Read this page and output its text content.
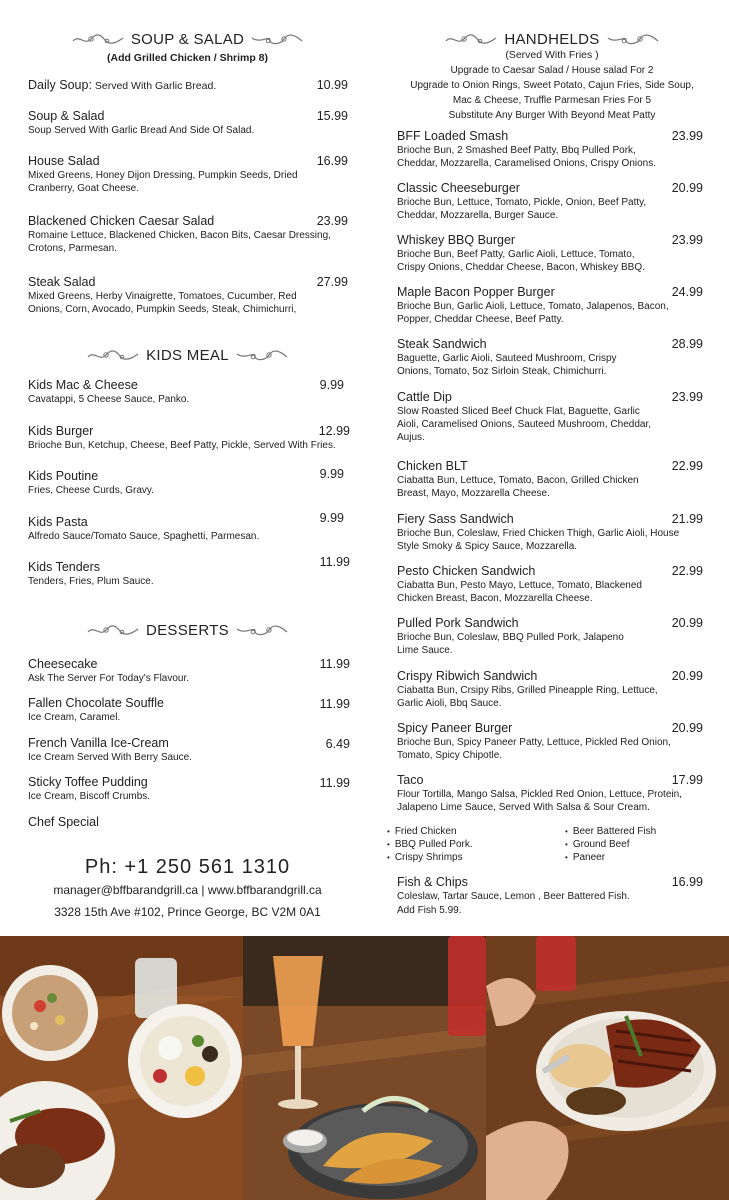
SOUP & SALAD
(Add Grilled Chicken / Shrimp 8)
Daily Soup: Served With Garlic Bread.	10.99
Soup & Salad
Soup Served With Garlic Bread And Side Of Salad.
15.99
House Salad
Mixed Greens, Honey Dijon Dressing, Pumpkin Seeds, Dried Cranberry, Goat Cheese.
16.99
Blackened Chicken Caesar Salad
Romaine Lettuce, Blackened Chicken, Bacon Bits, Caesar Dressing, Crotons, Parmesan.
23.99
Steak Salad
Mixed Greens, Herby Vinaigrette, Tomatoes, Cucumber, Red Onions, Corn, Avocado, Pumpkin Seeds, Steak, Chimichurri,
27.99
KIDS MEAL
Kids Mac & Cheese
Cavatappi, 5 Cheese Sauce, Panko.
9.99
Kids Burger
Brioche Bun, Ketchup, Cheese, Beef Patty, Pickle, Served With Fries.
12.99
Kids Poutine
Fries, Cheese Curds, Gravy.
9.99
Kids Pasta
Alfredo Sauce/Tomato Sauce, Spaghetti, Parmesan.
9.99
Kids Tenders
Tenders, Fries, Plum Sauce.
11.99
DESSERTS
Cheesecake
Ask The Server For Today's Flavour.
11.99
Fallen Chocolate Souffle
Ice Cream, Caramel.
11.99
French Vanilla Ice-Cream
Ice Cream Served With Berry Sauce.
6.49
Sticky Toffee Pudding
Ice Cream, Biscoff Crumbs.
11.99
Chef Special
Ph: +1 250 561 1310
manager@bffbarandgrill.ca | www.bffbarandgrill.ca
3328 15th Ave #102, Prince George, BC V2M 0A1
HANDHELDS
(Served With Fries )
Upgrade to Caesar Salad / House salad For 2
Upgrade to Onion Rings, Sweet Potato, Cajun Fries, Side Soup,
Mac & Cheese, Truffle Parmesan Fries For 5
Substitute Any Burger With Beyond Meat Patty
BFF Loaded Smash
Brioche Bun, 2 Smashed Beef Patty, Bbq Pulled Pork, Cheddar, Mozzarella, Caramelised Onions, Crispy Onions.
23.99
Classic Cheeseburger
Brioche Bun, Lettuce, Tomato, Pickle, Onion, Beef Patty, Cheddar, Mozzarella, Burger Sauce.
20.99
Whiskey BBQ Burger
Brioche Bun, Beef Patty, Garlic Aioli, Lettuce, Tomato, Crispy Onions, Cheddar Cheese, Bacon, Whiskey BBQ.
23.99
Maple Bacon Popper Burger
Brioche Bun, Garlic Aioli, Lettuce, Tomato, Jalapenos, Bacon, Popper, Cheddar Cheese, Beef Patty.
24.99
Steak Sandwich
Baguette, Garlic Aioli, Sauteed Mushroom, Crispy Onions, Tomato, 5oz Sirloin Steak, Chimichurri.
28.99
Cattle Dip
Slow Roasted Sliced Beef Chuck Flat, Baguette, Garlic Aioli, Caramelised Onions, Sauteed Mushroom, Cheddar, Aujus.
23.99
Chicken BLT
Ciabatta Bun, Lettuce, Tomato, Bacon, Grilled Chicken Breast, Mayo, Mozzarella Cheese.
22.99
Fiery Sass Sandwich
Brioche Bun, Coleslaw, Fried Chicken Thigh, Garlic Aioli, House Style Smoky & Spicy Sauce, Mozzarella.
21.99
Pesto Chicken Sandwich
Ciabatta Bun, Pesto Mayo, Lettuce, Tomato, Blackened Chicken Breast, Bacon, Mozzarella Cheese.
22.99
Pulled Pork Sandwich
Brioche Bun, Coleslaw, BBQ Pulled Pork, Jalapeno Lime Sauce.
20.99
Crispy Ribwich Sandwich
Ciabatta Bun, Crsipy Ribs, Grilled Pineapple Ring, Lettuce, Garlic Aioli, Bbq Sauce.
20.99
Spicy Paneer Burger
Brioche Bun, Spicy Paneer Patty, Lettuce, Pickled Red Onion, Tomato, Spicy Chipotle.
20.99
Taco
Flour Tortilla, Mango Salsa, Pickled Red Onion, Lettuce, Protein, Jalapeno Lime Sauce, Served With Salsa & Sour Cream.
17.99
• Fried Chicken
• BBQ Pulled Pork.
• Crispy Shrimps
• Beer Battered Fish
• Ground Beef
• Paneer
Fish & Chips
Coleslaw, Tartar Sauce, Lemon , Beer Battered Fish.
Add Fish 5.99.
16.99
